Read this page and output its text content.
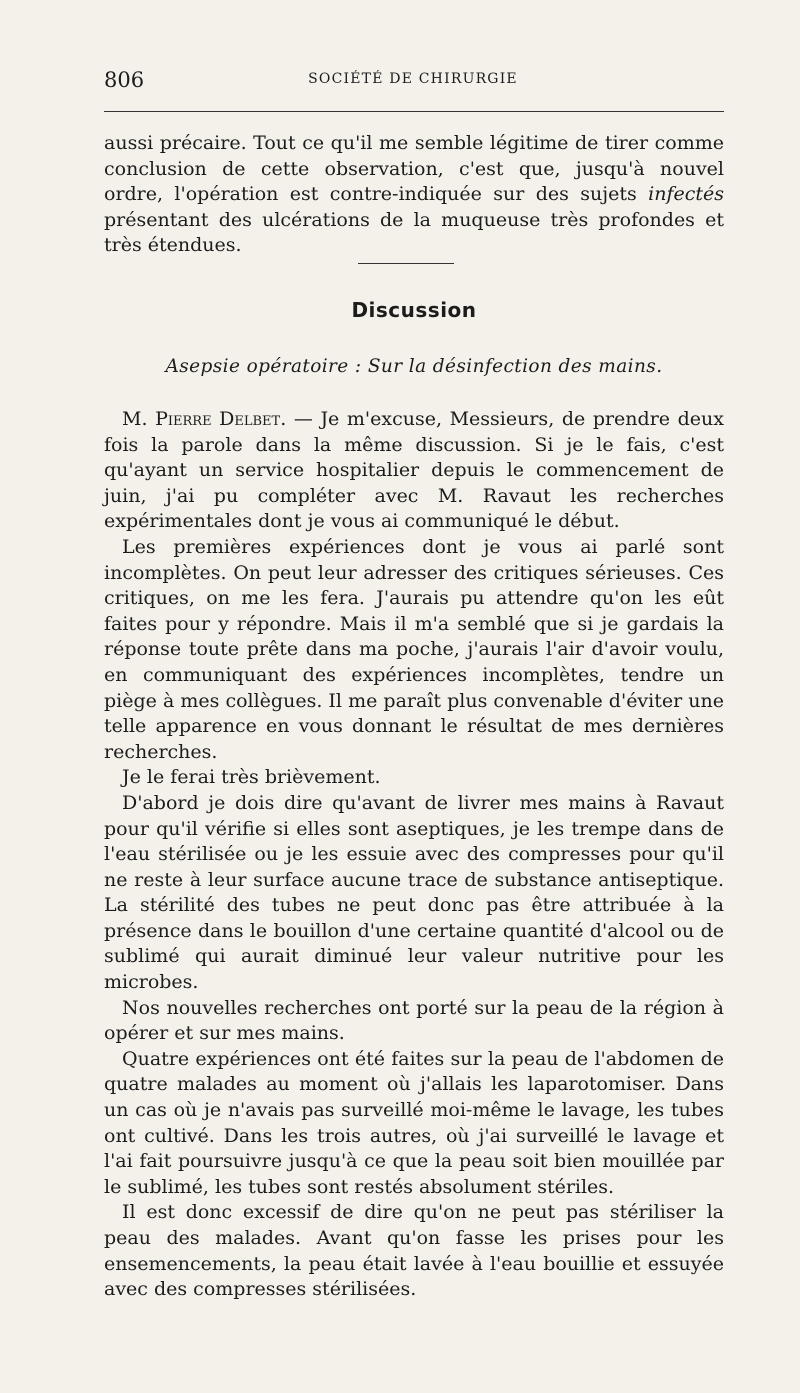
806	SOCIÉTÉ DE CHIRURGIE

aussi précaire. Tout ce qu'il me semble légitime de tirer comme conclusion de cette observation, c'est que, jusqu'à nouvel ordre, l'opération est contre-indiquée sur des sujets infectés présentant des ulcérations de la muqueuse très profondes et très étendues.

Discussion
Asepsie opératoire : Sur la désinfection des mains.

M. Pierre Delbet. — Je m'excuse, Messieurs, de prendre deux fois la parole dans la même discussion. Si je le fais, c'est qu'ayant un service hospitalier depuis le commencement de juin, j'ai pu compléter avec M. Ravaut les recherches expérimentales dont je vous ai communiqué le début.

Les premières expériences dont je vous ai parlé sont incomplètes. On peut leur adresser des critiques sérieuses. Ces critiques, on me les fera. J'aurais pu attendre qu'on les eût faites pour y répondre. Mais il m'a semblé que si je gardais la réponse toute prête dans ma poche, j'aurais l'air d'avoir voulu, en communiquant des expériences incomplètes, tendre un piège à mes collègues. Il me paraît plus convenable d'éviter une telle apparence en vous donnant le résultat de mes dernières recherches.

Je le ferai très brièvement.

D'abord je dois dire qu'avant de livrer mes mains à Ravaut pour qu'il vérifie si elles sont aseptiques, je les trempe dans de l'eau stérilisée ou je les essuie avec des compresses pour qu'il ne reste à leur surface aucune trace de substance antiseptique. La stérilité des tubes ne peut donc pas être attribuée à la présence dans le bouillon d'une certaine quantité d'alcool ou de sublimé qui aurait diminué leur valeur nutritive pour les microbes.

Nos nouvelles recherches ont porté sur la peau de la région à opérer et sur mes mains.

Quatre expériences ont été faites sur la peau de l'abdomen de quatre malades au moment où j'allais les laparotomiser. Dans un cas où je n'avais pas surveillé moi-même le lavage, les tubes ont cultivé. Dans les trois autres, où j'ai surveillé le lavage et l'ai fait poursuivre jusqu'à ce que la peau soit bien mouillée par le sublimé, les tubes sont restés absolument stériles.

Il est donc excessif de dire qu'on ne peut pas stériliser la peau des malades. Avant qu'on fasse les prises pour les ensemencements, la peau était lavée à l'eau bouillie et essuyée avec des compresses stérilisées.
